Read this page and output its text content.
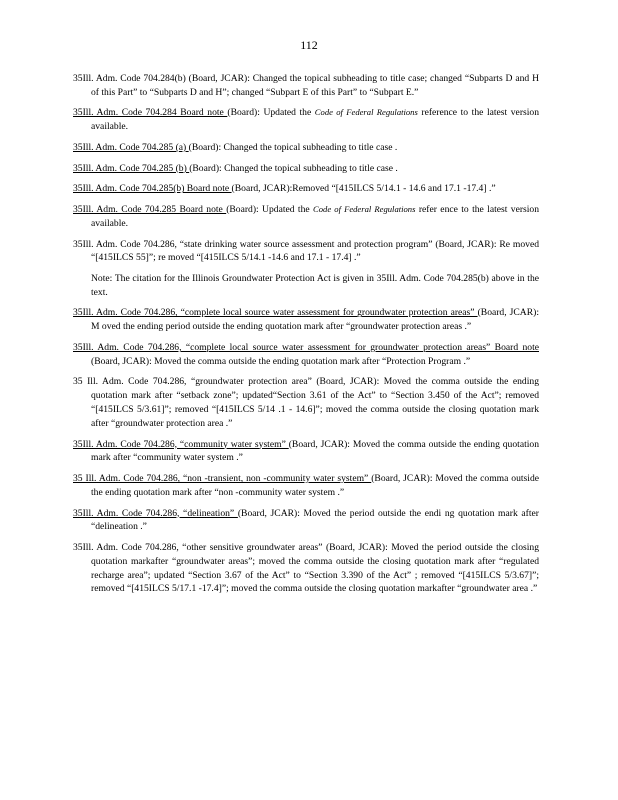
112
35Ill. Adm. Code 704.284(b) (Board, JCAR): Changed the topical subheading to title case; changed “Subparts D and H of this Part” to “Subparts D and H”; changed “Subpart E of this Part” to “Subpart E.”
35Ill. Adm. Code 704.284 Board note (Board): Updated the Code of Federal Regulations reference to the latest version available.
35Ill. Adm. Code 704.285 (a) (Board): Changed the topical subheading to title case .
35Ill. Adm. Code 704.285 (b) (Board): Changed the topical subheading to title case .
35Ill. Adm. Code 704.285(b) Board note (Board, JCAR):Removed “[415ILCS 5/14.1 - 14.6 and 17.1 -17.4] .”
35Ill. Adm. Code 704.285 Board note (Board): Updated the Code of Federal Regulations refer ence to the latest version available.
35Ill. Adm. Code 704.286, “state drinking water source assessment and protection program” (Board, JCAR): Re moved “[415ILCS 55]”; re moved “[415ILCS 5/14.1 -14.6 and 17.1 - 17.4] .”
Note: The citation for the Illinois Groundwater Protection Act is given in 35Ill. Adm. Code 704.285(b) above in the text.
35Ill. Adm. Code 704.286, “complete local source water assessment for groundwater protection areas” (Board, JCAR): M oved the ending period outside the ending quotation mark after “groundwater protection areas .”
35Ill. Adm. Code 704.286, “complete local source water assessment for groundwater protection areas” Board note (Board, JCAR): Moved the comma outside the ending quotation mark after “Protection Program .”
35 Ill. Adm. Code 704.286, “groundwater protection area” (Board, JCAR): Moved the comma outside the ending quotation mark after “setback zone”; updated“Section 3.61 of the Act” to “Section 3.450 of the Act”; removed “[415ILCS 5/3.61]”; removed “[415ILCS 5/14 .1 - 14.6]”; moved the comma outside the closing quotation mark after “groundwater protection area .”
35Ill. Adm. Code 704.286, “community water system” (Board, JCAR): Moved the comma outside the ending quotation mark after “community water system .”
35 Ill. Adm. Code 704.286, “non -transient, non -community water system” (Board, JCAR): Moved the comma outside the ending quotation mark after “non -community water system .”
35Ill. Adm. Code 704.286, “delineation” (Board, JCAR): Moved the period outside the endi ng quotation mark after “delineation .”
35Ill. Adm. Code 704.286, “other sensitive groundwater areas” (Board, JCAR): Moved the period outside the closing quotation markafter “groundwater areas”; moved the comma outside the closing quotation mark after “regulated recharge area”; updated “Section 3.67 of the Act” to “Section 3.390 of the Act” ; removed “[415ILCS 5/3.67]”; removed “[415ILCS 5/17.1 -17.4]”; moved the comma outside the closing quotation markafter “groundwater area .”
